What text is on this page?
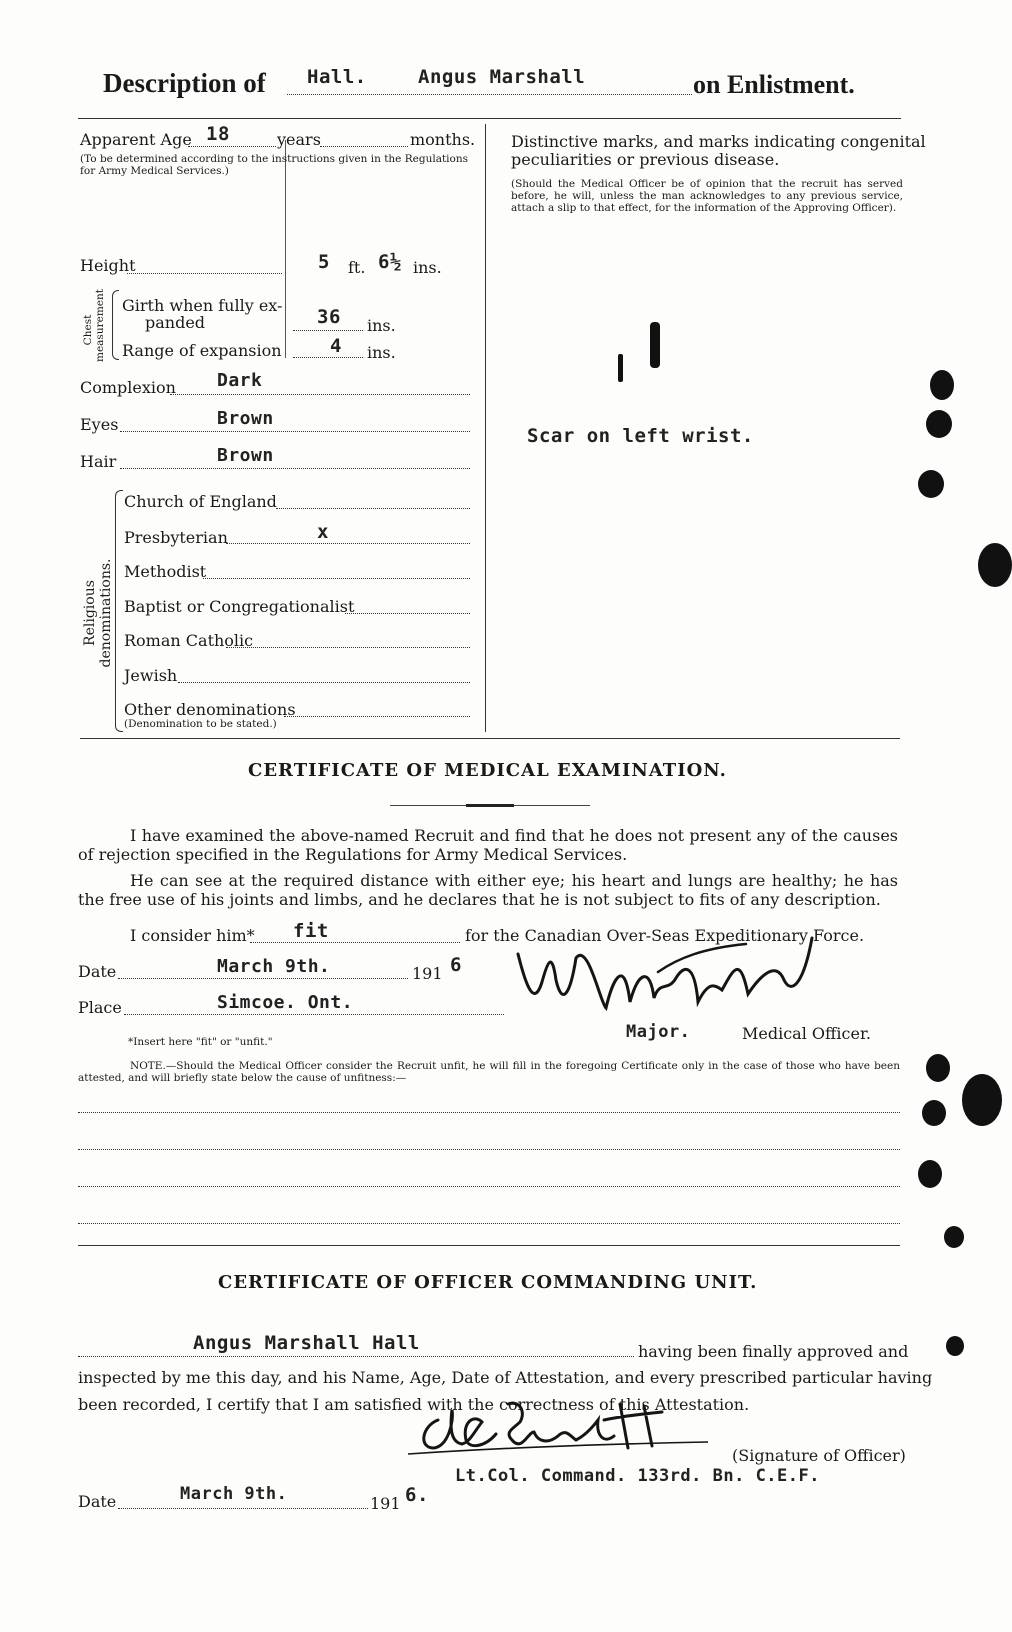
Description of Hall.	Angus Marshall	on Enlistment.
Apparent Age 18	years	months.
(To be determined according to the instructions given in the Regulations for Army Medical Services.)
Height	5 ft. 6½ ins.
Chest measurement Girth when fully ex-
panded	36 ins.
Range of expansion	4 ins.
Complexion Dark
Eyes	Brown
Hair	Brown
Religious denominations.
Church of England
Presbyterian	x
Methodist
Baptist or Congregationalist
Roman Catholic
Jewish
Other denominations
(Denomination to be stated.)
Distinctive marks, and marks indicating congenital
peculiarities or previous disease.
(Should the Medical Officer be of opinion that the recruit has served before, he will, unless the man acknowledges to any previous service, attach a slip to that effect, for the information of the Approving Officer).
Scar on left wrist.
CERTIFICATE OF MEDICAL EXAMINATION.
I have examined the above-named Recruit and find that he does not present any of the causes of rejection specified in the Regulations for Army Medical Services.
He can see at the required distance with either eye; his heart and lungs are healthy; he has the free use of his joints and limbs, and he declares that he is not subject to fits of any description.
I consider him* fit	for the Canadian Over-Seas Expeditionary Force.
Date	March 9th.	191 6
Place	Simcoe. Ont.
Major.	Medical Officer.
*Insert here "fit" or "unfit."
NOTE.—Should the Medical Officer consider the Recruit unfit, he will fill in the foregoing Certificate only in the case of those who have been attested, and will briefly state below the cause of unfitness:—
CERTIFICATE OF OFFICER COMMANDING UNIT.
Angus Marshall Hall	having been finally approved and
inspected by me this day, and his Name, Age, Date of Attestation, and every prescribed particular having
been recorded, I certify that I am satisfied with the correctness of this Attestation.
(Signature of Officer)
Lt.Col. Command. 133rd. Bn. C.E.F.
Date	March 9th.	191 6.
